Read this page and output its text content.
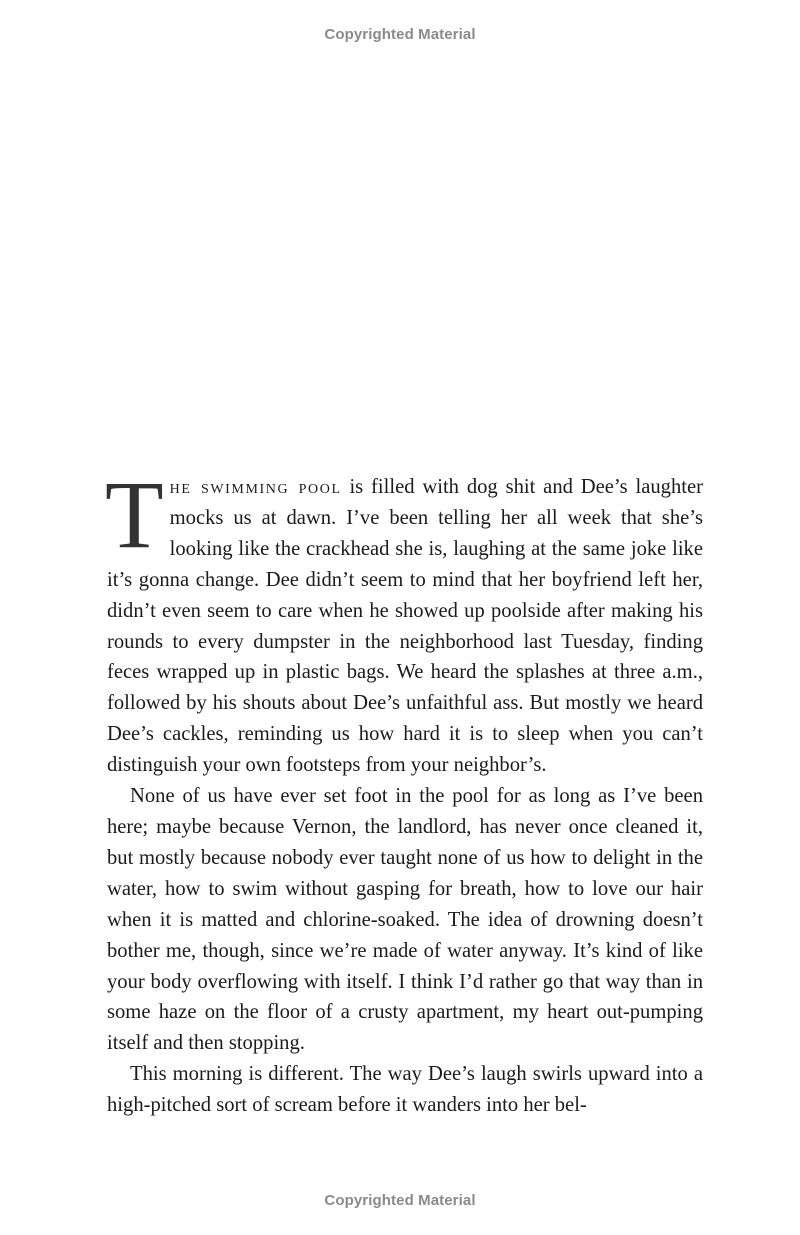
Copyrighted Material

The swimming pool is filled with dog shit and Dee’s laughter mocks us at dawn. I’ve been telling her all week that she’s looking like the crackhead she is, laughing at the same joke like it’s gonna change. Dee didn’t seem to mind that her boyfriend left her, didn’t even seem to care when he showed up poolside after making his rounds to every dumpster in the neighborhood last Tuesday, finding feces wrapped up in plastic bags. We heard the splashes at three a.m., followed by his shouts about Dee’s unfaithful ass. But mostly we heard Dee’s cackles, reminding us how hard it is to sleep when you can’t distinguish your own footsteps from your neighbor’s.

None of us have ever set foot in the pool for as long as I’ve been here; maybe because Vernon, the landlord, has never once cleaned it, but mostly because nobody ever taught none of us how to delight in the water, how to swim without gasping for breath, how to love our hair when it is matted and chlorine-soaked. The idea of drowning doesn’t bother me, though, since we’re made of water anyway. It’s kind of like your body overflowing with itself. I think I’d rather go that way than in some haze on the floor of a crusty apartment, my heart out-pumping itself and then stopping.

This morning is different. The way Dee’s laugh swirls upward into a high-pitched sort of scream before it wanders into her bel-

Copyrighted Material
